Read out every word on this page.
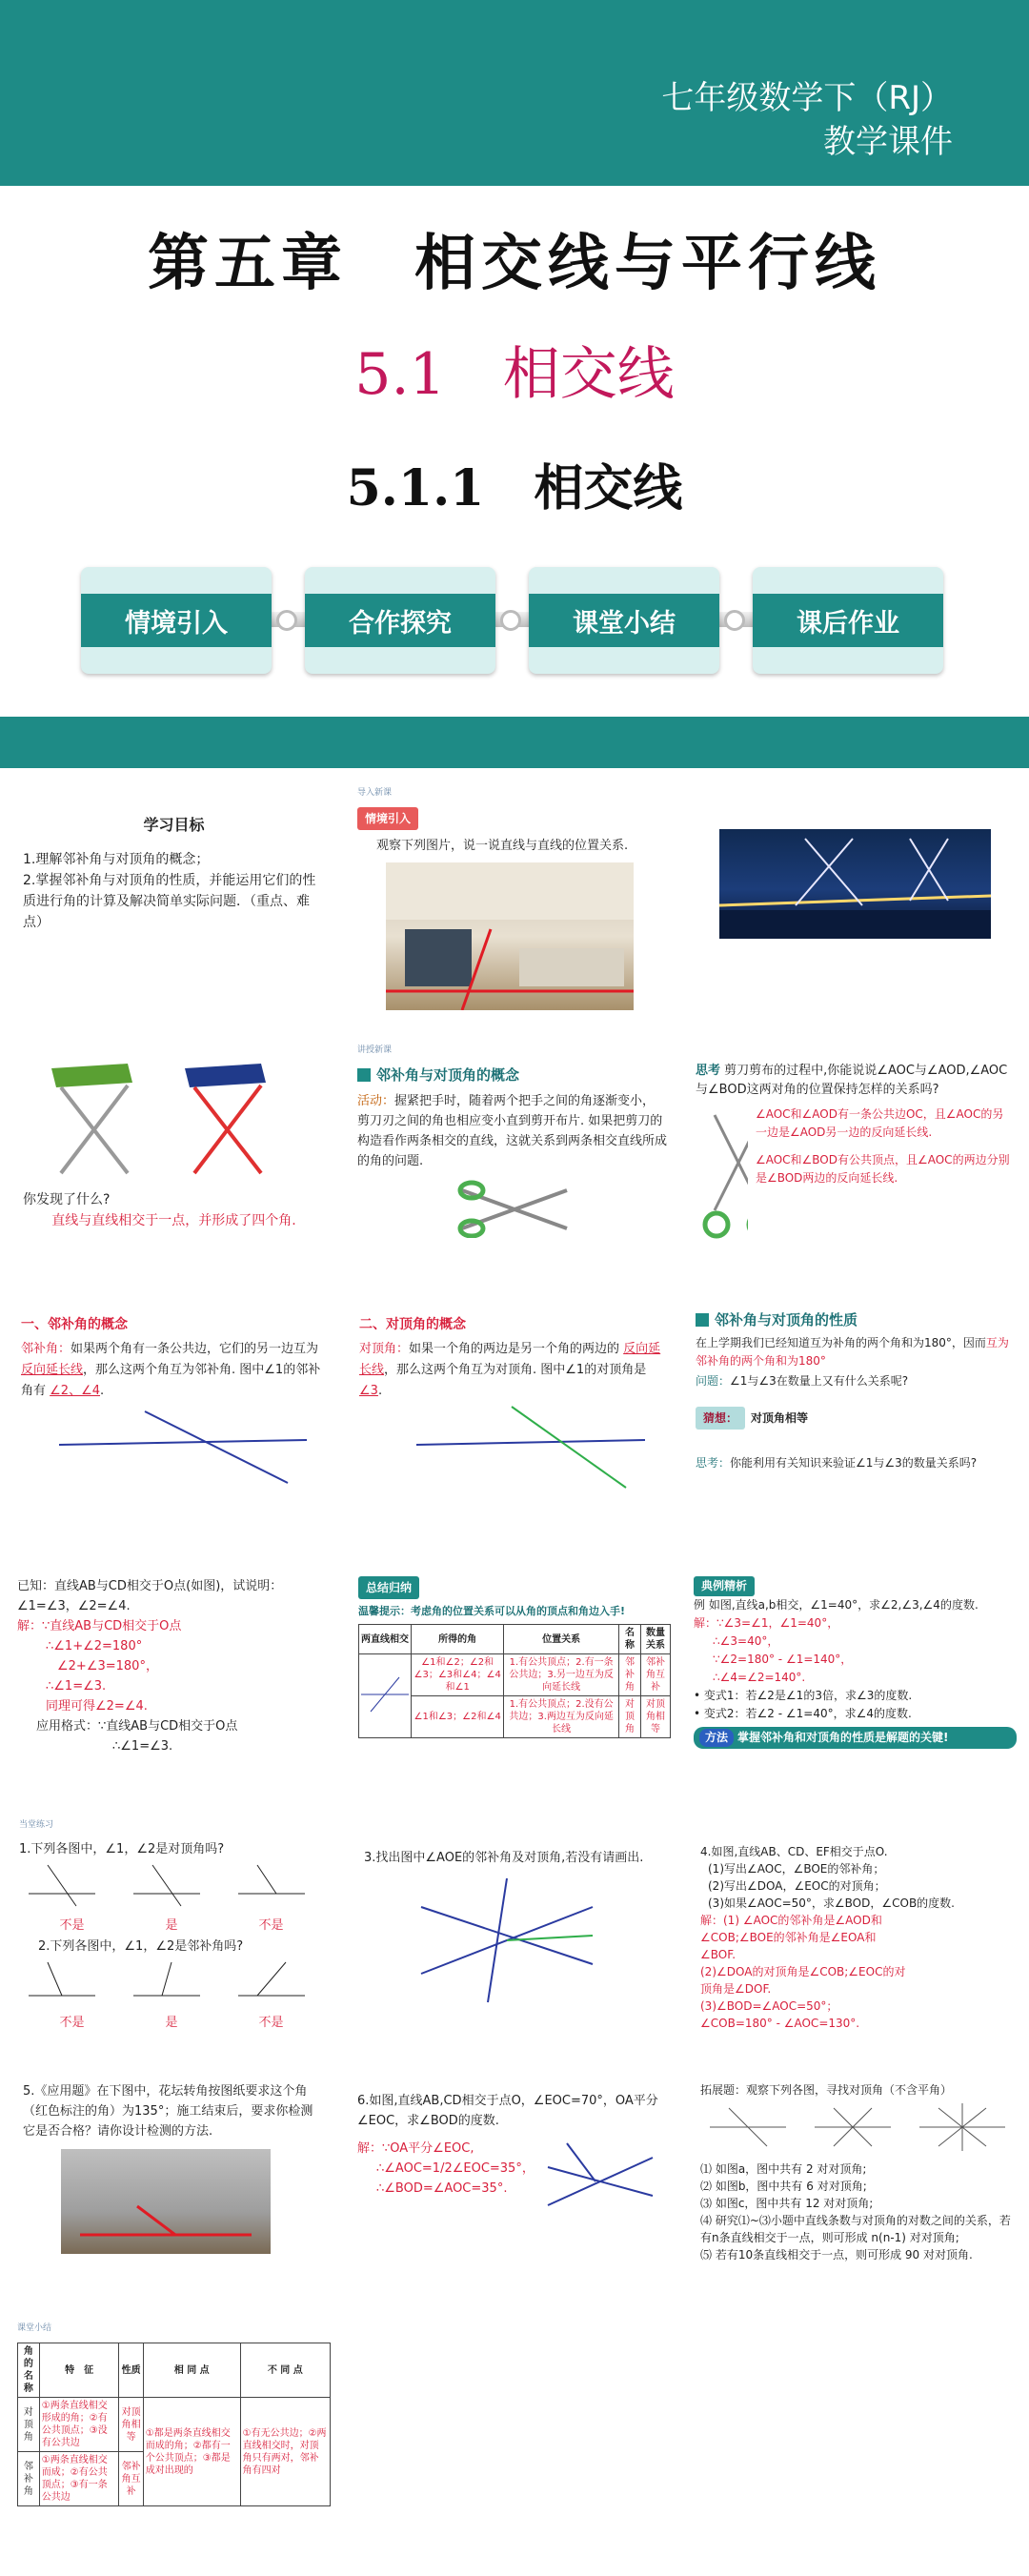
七年级数学下（RJ）
教学课件
第五章　相交线与平行线
5.1　相交线
5.1.1　相交线
情境引入	合作探究	课堂小结	课后作业
学习目标
1.理解邻补角与对顶角的概念；
2.掌握邻补角与对顶角的性质，并能运用它们的性质进行角的计算及解决简单实际问题．（重点、难点）
导入新课
情境引入
观察下列图片，说一说直线与直线的位置关系.
你发现了什么?
直线与直线相交于一点，并形成了四个角.
讲授新课
邻补角与对顶角的概念
活动：握紧把手时，随着两个把手之间的角逐渐变小，剪刀刃之间的角也相应变小直到剪开布片. 如果把剪刀的构造看作两条相交的直线，这就关系到两条相交直线所成的角的问题.
思考 剪刀剪布的过程中,你能说说∠AOC与∠AOD,∠AOC与∠BOD这两对角的位置保持怎样的关系吗?
∠AOC和∠AOD有一条公共边OC，且∠AOC的另一边是∠AOD另一边的反向延长线.
∠AOC和∠BOD有公共顶点，且∠AOC的两边分别是∠BOD两边的反向延长线.
一、邻补角的概念
邻补角：如果两个角有一条公共边，它们的另一边互为 反向延长线，那么这两个角互为邻补角. 图中∠1的邻补角有 ∠2、∠4.
二、对顶角的概念
对顶角：如果一个角的两边是另一个角的两边的 反向延长线，那么这两个角互为对顶角. 图中∠1的对顶角是 ∠3.
邻补角与对顶角的性质
在上学期我们已经知道互为补角的两个角和为180°，因而互为邻补角的两个角和为180°
问题：∠1与∠3在数量上又有什么关系呢?
猜想：	对顶角相等
思考：你能利用有关知识来验证∠1与∠3的数量关系吗?
已知：直线AB与CD相交于O点(如图)，试说明：∠1=∠3，∠2=∠4.
解：∵直线AB与CD相交于O点
∴∠1+∠2=180°
∠2+∠3=180°，
∴∠1=∠3.
同理可得∠2=∠4.
应用格式：∵直线AB与CD相交于O点
∴∠1=∠3.
总结归纳
温馨提示：考虑角的位置关系可以从角的顶点和角边入手!
两直线相交	所得的角	位置关系	名称	数量关系
	∠1和∠2；∠2和∠3；∠3和∠4；∠4和∠1	1.有公共顶点；2.有一条公共边；3.另一边互为反向延长线	邻补角	邻补角互补
	∠1和∠3；∠2和∠4	1.有公共顶点；2.没有公共边；3.两边互为反向延长线	对顶角	对顶角相等
典例精析
例 如图,直线a,b相交，∠1=40°，求∠2,∠3,∠4的度数.
解：∵∠3=∠1，∠1=40°，
∴∠3=40°，
∵∠2=180° - ∠1=140°，
∴∠4=∠2=140°.
• 变式1：若∠2是∠1的3倍，求∠3的度数.
• 变式2：若∠2 - ∠1=40°，求∠4的度数.
方法 掌握邻补角和对顶角的性质是解题的关键!
当堂练习
1.下列各图中，∠1，∠2是对顶角吗?
不是	是	不是
2.下列各图中，∠1，∠2是邻补角吗?
不是	是	不是
3.找出图中∠AOE的邻补角及对顶角,若没有请画出.	4.如图,直线AB、CD、EF相交于点O.
(1)写出∠AOC，∠BOE的邻补角；
(2)写出∠DOA，∠EOC的对顶角；
(3)如果∠AOC=50°，求∠BOD，∠COB的度数.
解：(1) ∠AOC的邻补角是∠AOD和∠COB;∠BOE的邻补角是∠EOA和∠BOF.
(2)∠DOA的对顶角是∠COB;∠EOC的对顶角是∠DOF.
(3)∠BOD=∠AOC=50°；∠COB=180° - ∠AOC=130°.
5.《应用题》在下图中，花坛转角按图纸要求这个角（红色标注的角）为135°；施工结束后，要求你检测它是否合格？请你设计检测的方法.
6.如图,直线AB,CD相交于点O，∠EOC=70°，OA平分∠EOC，求∠BOD的度数.
解：∵OA平分∠EOC,
∴∠AOC=1/2∠EOC=35°，
∴∠BOD=∠AOC=35°.
拓展题：观察下列各图，寻找对顶角（不含平角）
⑴ 如图a，图中共有 2 对对顶角;
⑵ 如图b，图中共有 6 对对顶角;
⑶ 如图c，图中共有 12 对对顶角;
⑷ 研究⑴~⑶小题中直线条数与对顶角的对数之间的关系，若有n条直线相交于一点，则可形成 n(n-1) 对对顶角;
⑸ 若有10条直线相交于一点，则可形成 90 对对顶角.
课堂小结
角的名称	特　征	性质	相 同 点	不 同 点
对顶角	①两条直线相交形成的角；②有公共顶点；③没有公共边	对顶角相等	①都是两条直线相交而成的角；②都有一个公共顶点；③都是成对出现的	①有无公共边；②两直线相交时，对顶角只有两对，邻补角有四对
邻补角	①两条直线相交而成；②有公共顶点；③有一条公共边	邻补角互补		
